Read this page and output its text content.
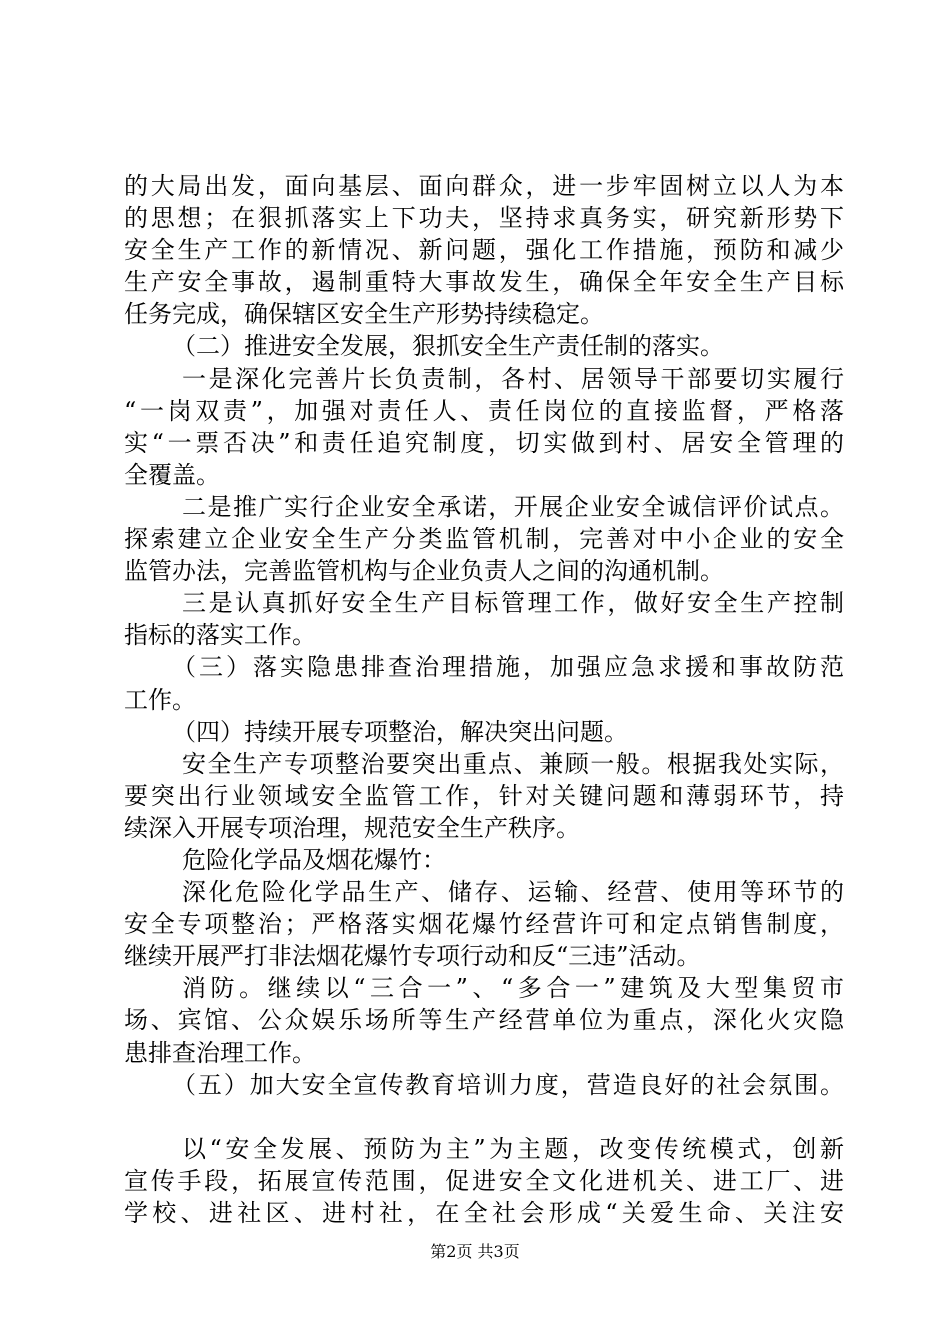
的大局出发，面向基层、面向群众，进一步牢固树立以人为本
的思想；在狠抓落实上下功夫，坚持求真务实，研究新形势下
安全生产工作的新情况、新问题，强化工作措施，预防和减少
生产安全事故，遏制重特大事故发生，确保全年安全生产目标
任务完成，确保辖区安全生产形势持续稳定。
（二）推进安全发展，狠抓安全生产责任制的落实。
一是深化完善片长负责制，各村、居领导干部要切实履行
“一岗双责”，加强对责任人、责任岗位的直接监督，严格落
实“一票否决”和责任追究制度，切实做到村、居安全管理的
全覆盖。
二是推广实行企业安全承诺，开展企业安全诚信评价试点。
探索建立企业安全生产分类监管机制，完善对中小企业的安全
监管办法，完善监管机构与企业负责人之间的沟通机制。
三是认真抓好安全生产目标管理工作，做好安全生产控制
指标的落实工作。
（三）落实隐患排查治理措施，加强应急求援和事故防范
工作。
（四）持续开展专项整治，解决突出问题。
安全生产专项整治要突出重点、兼顾一般。根据我处实际，
要突出行业领域安全监管工作，针对关键问题和薄弱环节，持
续深入开展专项治理，规范安全生产秩序。
危险化学品及烟花爆竹：
深化危险化学品生产、储存、运输、经营、使用等环节的
安全专项整治；严格落实烟花爆竹经营许可和定点销售制度，
继续开展严打非法烟花爆竹专项行动和反“三违”活动。
消防。继续以“三合一”、“多合一”建筑及大型集贸市
场、宾馆、公众娱乐场所等生产经营单位为重点，深化火灾隐
患排查治理工作。
（五）加大安全宣传教育培训力度，营造良好的社会氛围。
以“安全发展、预防为主”为主题，改变传统模式，创新
宣传手段，拓展宣传范围，促进安全文化进机关、进工厂、进
学校、进社区、进村社，在全社会形成“关爱生命、关注安
第2页 共3页
